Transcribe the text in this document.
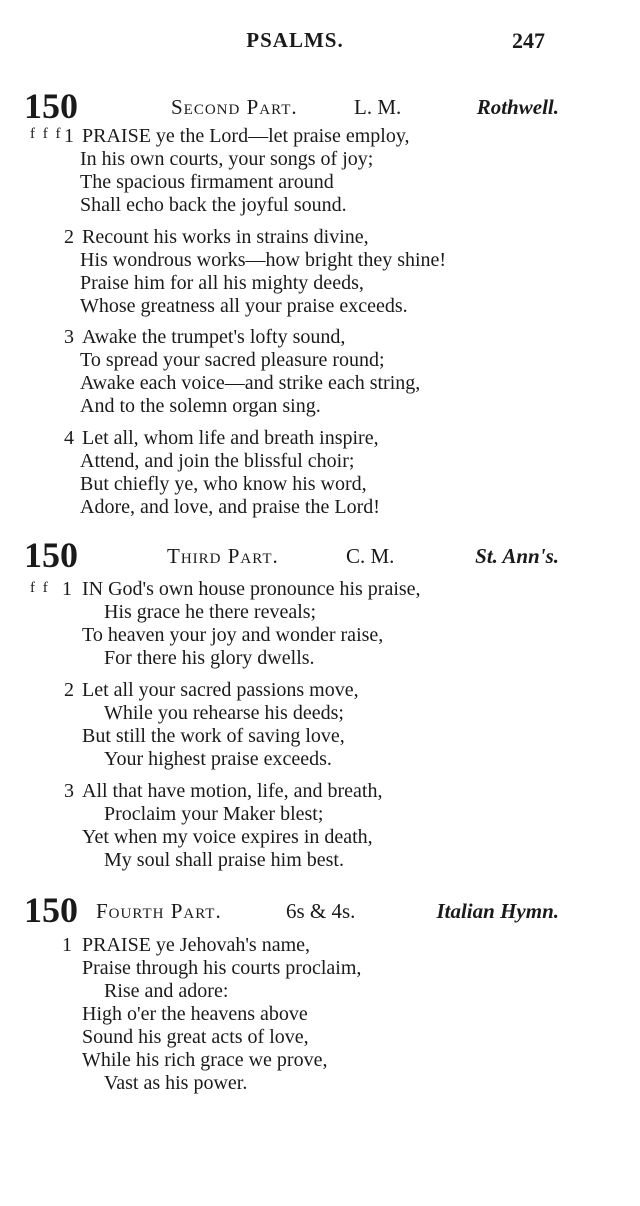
PSALMS.	247
150	Second Part.	L. M.	Rothwell.
f f f 1 PRAISE ye the Lord—let praise employ,
In his own courts, your songs of joy;
The spacious firmament around
Shall echo back the joyful sound.
2 Recount his works in strains divine,
His wondrous works—how bright they shine!
Praise him for all his mighty deeds,
Whose greatness all your praise exceeds.
3 Awake the trumpet's lofty sound,
To spread your sacred pleasure round;
Awake each voice—and strike each string,
And to the solemn organ sing.
4 Let all, whom life and breath inspire,
Attend, and join the blissful choir;
But chiefly ye, who know his word,
Adore, and love, and praise the Lord!
150	Third Part.	C. M.	St. Ann's.
f f 1 IN God's own house pronounce his praise,
His grace he there reveals;
To heaven your joy and wonder raise,
For there his glory dwells.
2 Let all your sacred passions move,
While you rehearse his deeds;
But still the work of saving love,
Your highest praise exceeds.
3 All that have motion, life, and breath,
Proclaim your Maker blest;
Yet when my voice expires in death,
My soul shall praise him best.
150 Fourth Part.	6s & 4s.	Italian Hymn.
1 PRAISE ye Jehovah's name,
Praise through his courts proclaim,
Rise and adore:
High o'er the heavens above
Sound his great acts of love,
While his rich grace we prove,
Vast as his power.
